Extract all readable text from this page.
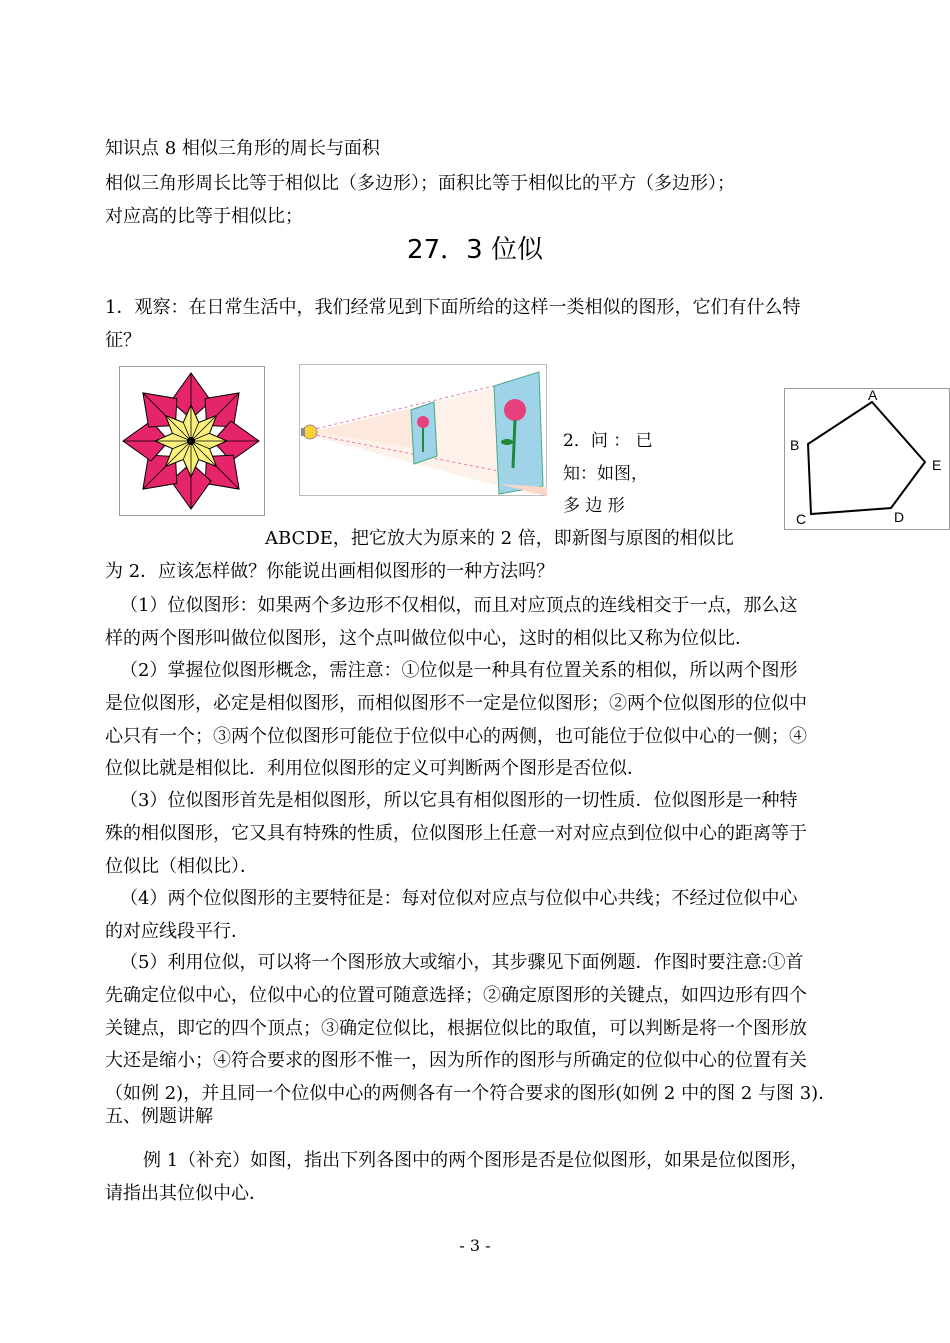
知识点 8 相似三角形的周长与面积
相似三角形周长比等于相似比（多边形）；面积比等于相似比的平方（多边形）；
对应高的比等于相似比；
27．3 位似
1．观察：在日常生活中，我们经常见到下面所给的这样一类相似的图形，它们有什么特
征？
2．问 ： 已
知：如图，
多 边 形
A
B
C	D
E
ABCDE，把它放大为原来的 2 倍，即新图与原图的相似比
为 2．应该怎样做？你能说出画相似图形的一种方法吗？
（1）位似图形：如果两个多边形不仅相似，而且对应顶点的连线相交于一点，那么这
样的两个图形叫做位似图形，这个点叫做位似中心，这时的相似比又称为位似比．
（2）掌握位似图形概念，需注意：①位似是一种具有位置关系的相似，所以两个图形
是位似图形，必定是相似图形，而相似图形不一定是位似图形；②两个位似图形的位似中
心只有一个；③两个位似图形可能位于位似中心的两侧，也可能位于位似中心的一侧；④
位似比就是相似比．利用位似图形的定义可判断两个图形是否位似．
（3）位似图形首先是相似图形，所以它具有相似图形的一切性质．位似图形是一种特
殊的相似图形，它又具有特殊的性质，位似图形上任意一对对应点到位似中心的距离等于
位似比（相似比）．
（4）两个位似图形的主要特征是：每对位似对应点与位似中心共线；不经过位似中心
的对应线段平行．
（5）利用位似，可以将一个图形放大或缩小，其步骤见下面例题．作图时要注意:①首
先确定位似中心，位似中心的位置可随意选择；②确定原图形的关键点，如四边形有四个
关键点，即它的四个顶点；③确定位似比，根据位似比的取值，可以判断是将一个图形放
大还是缩小；④符合要求的图形不惟一，因为所作的图形与所确定的位似中心的位置有关
（如例 2)，并且同一个位似中心的两侧各有一个符合要求的图形(如例 2 中的图 2 与图 3)．
五、例题讲解
例 1（补充）如图，指出下列各图中的两个图形是否是位似图形，如果是位似图形，
请指出其位似中心．
- 3 -
